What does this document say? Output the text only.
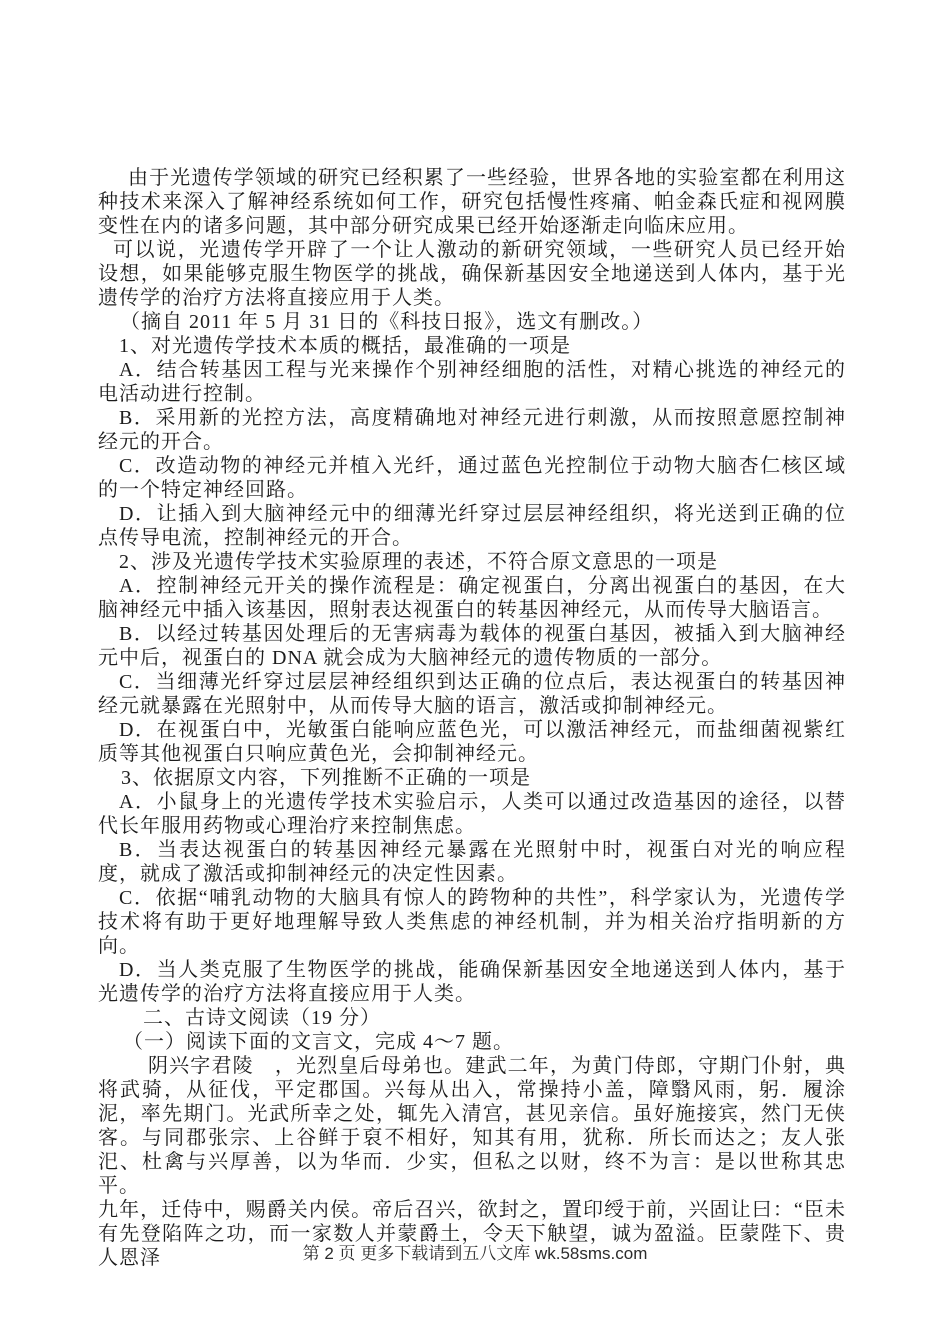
由于光遗传学领域的研究已经积累了一些经验，世界各地的实验室都在利用这种技术来深入了解神经系统如何工作，研究包括慢性疼痛、帕金森氏症和视网膜变性在内的诸多问题，其中部分研究成果已经开始逐渐走向临床应用。
可以说，光遗传学开辟了一个让人激动的新研究领域，一些研究人员已经开始设想，如果能够克服生物医学的挑战，确保新基因安全地递送到人体内，基于光遗传学的治疗方法将直接应用于人类。
（摘自 2011 年 5 月 31 日的《科技日报》，选文有删改。）
1、对光遗传学技术本质的概括，最准确的一项是
A．结合转基因工程与光来操作个别神经细胞的活性，对精心挑选的神经元的电活动进行控制。
B．采用新的光控方法，高度精确地对神经元进行刺激，从而按照意愿控制神经元的开合。
C．改造动物的神经元并植入光纤，通过蓝色光控制位于动物大脑杏仁核区域的一个特定神经回路。
D．让插入到大脑神经元中的细薄光纤穿过层层神经组织，将光送到正确的位点传导电流，控制神经元的开合。
2、涉及光遗传学技术实验原理的表述，不符合原文意思的一项是
A．控制神经元开关的操作流程是：确定视蛋白，分离出视蛋白的基因，在大脑神经元中插入该基因，照射表达视蛋白的转基因神经元，从而传导大脑语言。
B．以经过转基因处理后的无害病毒为载体的视蛋白基因，被插入到大脑神经元中后，视蛋白的 DNA 就会成为大脑神经元的遗传物质的一部分。
C．当细薄光纤穿过层层神经组织到达正确的位点后，表达视蛋白的转基因神经元就暴露在光照射中，从而传导大脑的语言，激活或抑制神经元。
D．在视蛋白中，光敏蛋白能响应蓝色光，可以激活神经元，而盐细菌视紫红质等其他视蛋白只响应黄色光，会抑制神经元。
3、依据原文内容，下列推断不正确的一项是
A．小鼠身上的光遗传学技术实验启示，人类可以通过改造基因的途径，以替代长年服用药物或心理治疗来控制焦虑。
B．当表达视蛋白的转基因神经元暴露在光照射中时，视蛋白对光的响应程度，就成了激活或抑制神经元的决定性因素。
C．依据“哺乳动物的大脑具有惊人的跨物种的共性”，科学家认为，光遗传学技术将有助于更好地理解导致人类焦虑的神经机制，并为相关治疗指明新的方向。
D．当人类克服了生物医学的挑战，能确保新基因安全地递送到人体内，基于光遗传学的治疗方法将直接应用于人类。
二、古诗文阅读（19 分）
（一）阅读下面的文言文，完成 4～7 题。
阴兴字君陵　，光烈皇后母弟也。建武二年，为黄门侍郎，守期门仆射，典将武骑，从征伐，平定郡国。兴每从出入，常操持小盖，障翳风雨，躬．履涂泥，率先期门。光武所幸之处，辄先入清宫，甚见亲信。虽好施接宾，然门无侠客。与同郡张宗、上谷鲜于裒不相好，知其有用，犹称．所长而达之；友人张汜、杜禽与兴厚善，以为华而．少实，但私之以财，终不为言：是以世称其忠平。
九年，迁侍中，赐爵关内侯。帝后召兴，欲封之，置印绶于前，兴固让曰：“臣未有先登陷阵之功，而一家数人并蒙爵土，令天下觖望，诚为盈溢。臣蒙陛下、贵人恩泽	第 2 页 更多下载请到五八文库 wk.58sms.com
